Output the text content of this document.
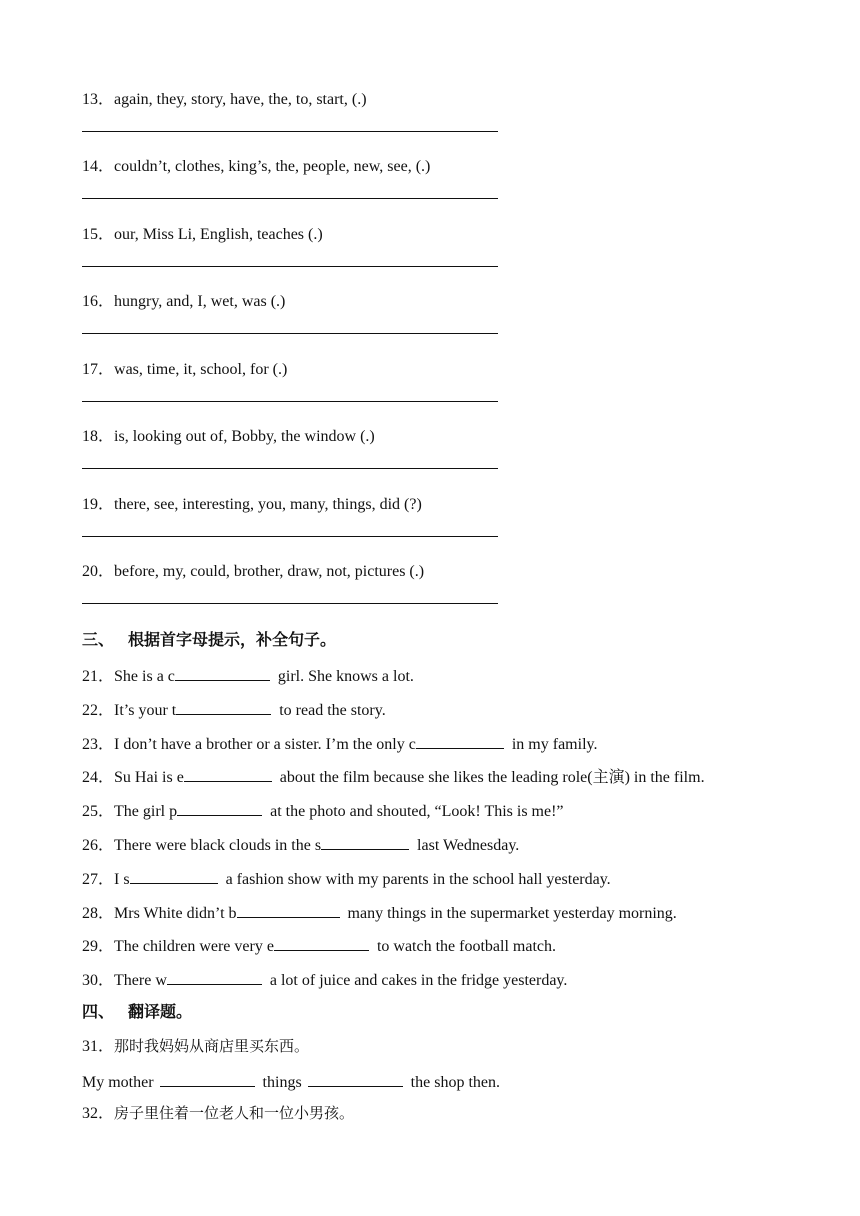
13．again, they, story, have, the, to, start, (.)
14．couldn’t, clothes, king’s, the, people, new, see, (.)
15．our, Miss Li, English, teaches (.)
16．hungry, and, I, wet, was (.)
17．was, time, it, school, for (.)
18．is, looking out of, Bobby, the window (.)
19．there, see, interesting, you, many, things, did (?)
20．before, my, could, brother, draw, not, pictures (.)
三、 根据首字母提示，补全句子。
21．She is a c	girl. She knows a lot.
22．It’s your t	to read the story.
23．I don’t have a brother or a sister. I’m the only c	in my family.
24．Su Hai is e	about the film because she likes the leading role(主演) in the film.
25．The girl p	at the photo and shouted, “Look! This is me!”
26．There were black clouds in the s	last Wednesday.
27．I s	a fashion show with my parents in the school hall yesterday.
28．Mrs White didn’t b	many things in the supermarket yesterday morning.
29．The children were very e	to watch the football match.
30．There w	a lot of juice and cakes in the fridge yesterday.
四、 翻译题。
31．那时我妈妈从商店里买东西。
My mother	things	the shop then.
32．房子里住着一位老人和一位小男孩。
